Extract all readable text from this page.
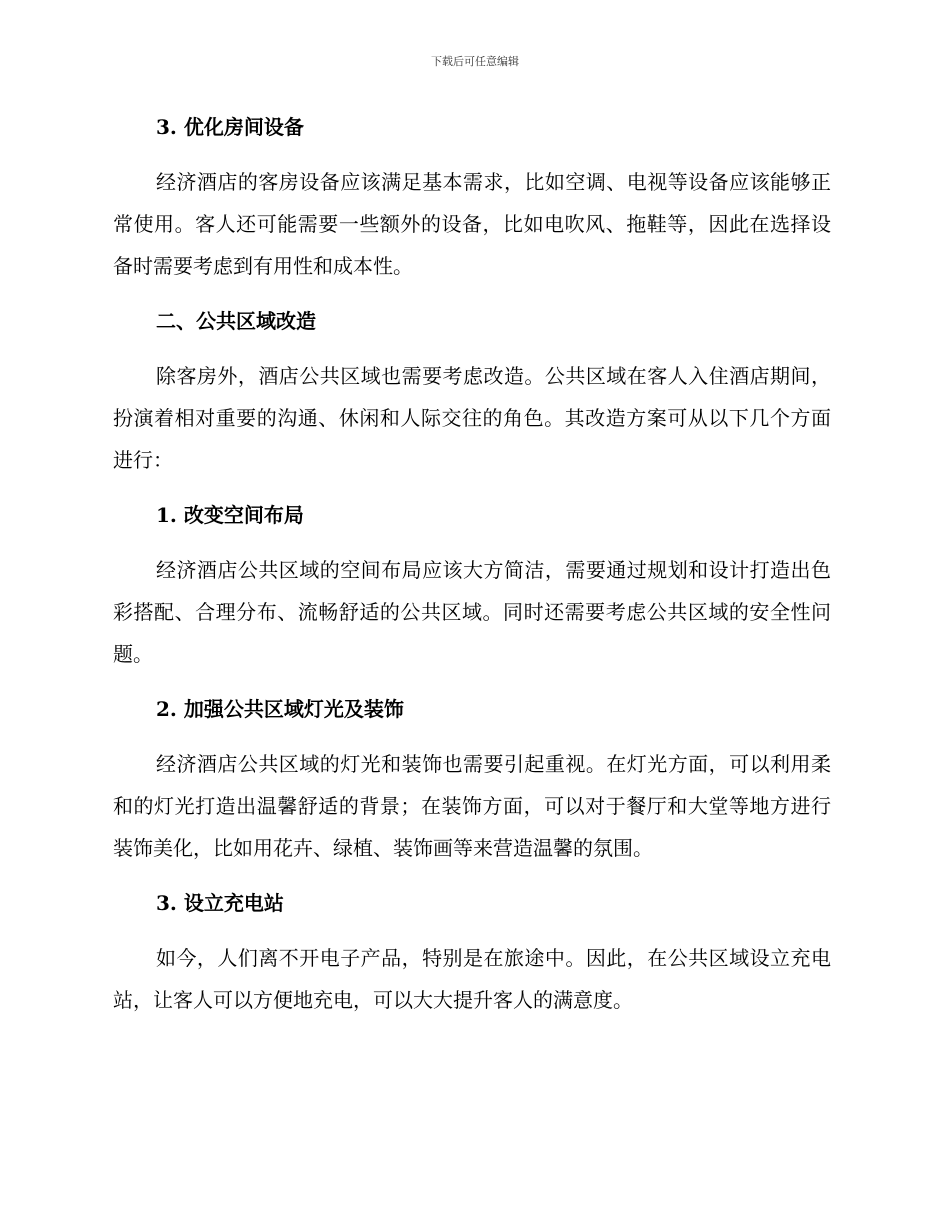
下载后可任意编辑
3. 优化房间设备

经济酒店的客房设备应该满足基本需求，比如空调、电视等设备应该能够正常使用。客人还可能需要一些额外的设备，比如电吹风、拖鞋等，因此在选择设备时需要考虑到有用性和成本性。

二、公共区域改造

除客房外，酒店公共区域也需要考虑改造。公共区域在客人入住酒店期间，扮演着相对重要的沟通、休闲和人际交往的角色。其改造方案可从以下几个方面进行：

1. 改变空间布局

经济酒店公共区域的空间布局应该大方简洁，需要通过规划和设计打造出色彩搭配、合理分布、流畅舒适的公共区域。同时还需要考虑公共区域的安全性问题。

2. 加强公共区域灯光及装饰

经济酒店公共区域的灯光和装饰也需要引起重视。在灯光方面，可以利用柔和的灯光打造出温馨舒适的背景；在装饰方面，可以对于餐厅和大堂等地方进行装饰美化，比如用花卉、绿植、装饰画等来营造温馨的氛围。

3. 设立充电站

如今，人们离不开电子产品，特别是在旅途中。因此，在公共区域设立充电站，让客人可以方便地充电，可以大大提升客人的满意度。
